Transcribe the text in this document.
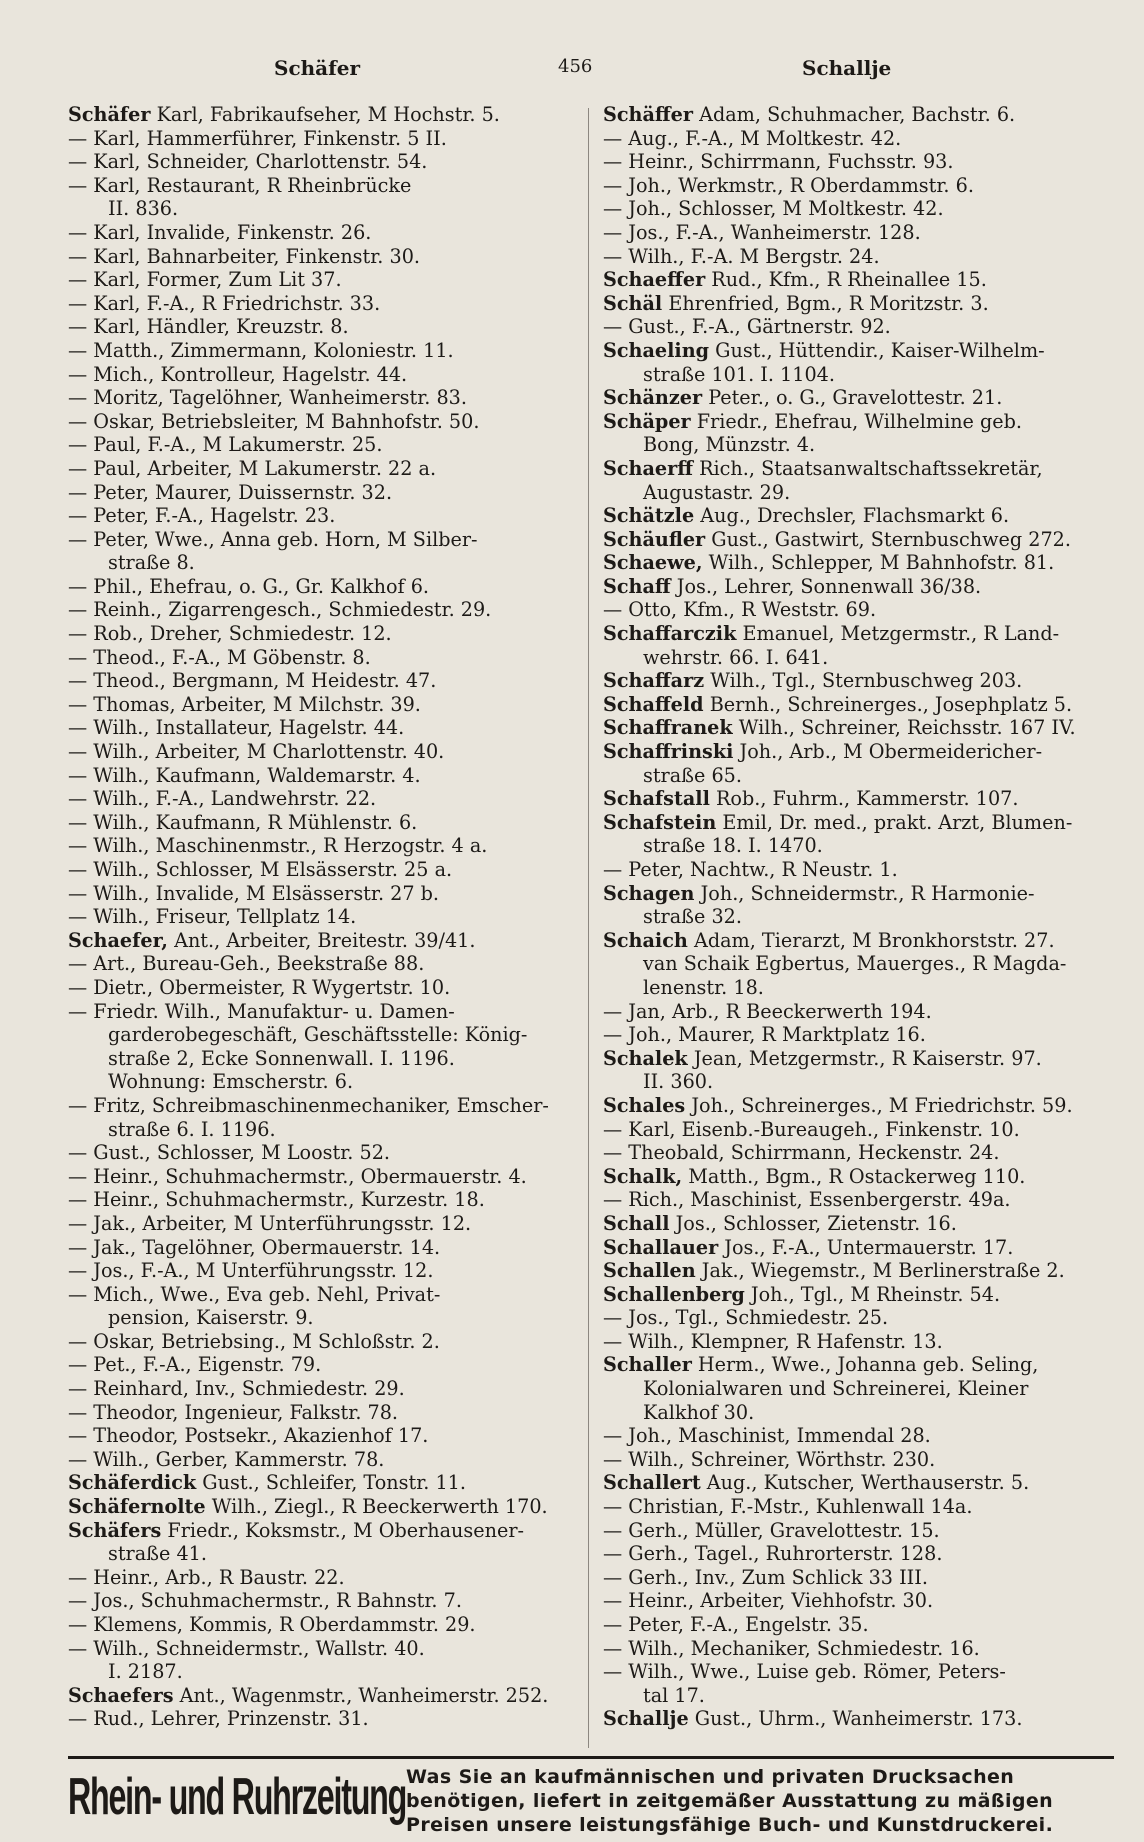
Schäfer	456	Schallje
Schäfer Karl, Fabrikaufseher, M Hochstr. 5.
— Karl, Hammerführer, Finkenstr. 5 II.
— Karl, Schneider, Charlottenstr. 54.
— Karl, Restaurant, R Rheinbrücke
II. 836.
— Karl, Invalide, Finkenstr. 26.
— Karl, Bahnarbeiter, Finkenstr. 30.
— Karl, Former, Zum Lit 37.
— Karl, F.-A., R Friedrichstr. 33.
— Karl, Händler, Kreuzstr. 8.
— Matth., Zimmermann, Koloniestr. 11.
— Mich., Kontrolleur, Hagelstr. 44.
— Moritz, Tagelöhner, Wanheimerstr. 83.
— Oskar, Betriebsleiter, M Bahnhofstr. 50.
— Paul, F.-A., M Lakumerstr. 25.
— Paul, Arbeiter, M Lakumerstr. 22 a.
— Peter, Maurer, Duissernstr. 32.
— Peter, F.-A., Hagelstr. 23.
— Peter, Wwe., Anna geb. Horn, M Silber-
straße 8.
— Phil., Ehefrau, o. G., Gr. Kalkhof 6.
— Reinh., Zigarrengesch., Schmiedestr. 29.
— Rob., Dreher, Schmiedestr. 12.
— Theod., F.-A., M Göbenstr. 8.
— Theod., Bergmann, M Heidestr. 47.
— Thomas, Arbeiter, M Milchstr. 39.
— Wilh., Installateur, Hagelstr. 44.
— Wilh., Arbeiter, M Charlottenstr. 40.
— Wilh., Kaufmann, Waldemarstr. 4.
— Wilh., F.-A., Landwehrstr. 22.
— Wilh., Kaufmann, R Mühlenstr. 6.
— Wilh., Maschinenmstr., R Herzogstr. 4 a.
— Wilh., Schlosser, M Elsässerstr. 25 a.
— Wilh., Invalide, M Elsässerstr. 27 b.
— Wilh., Friseur, Tellplatz 14.
Schaefer, Ant., Arbeiter, Breitestr. 39/41.
— Art., Bureau-Geh., Beekstraße 88.
— Dietr., Obermeister, R Wygertstr. 10.
— Friedr. Wilh., Manufaktur- u. Damen-
garderobegeschäft, Geschäftsstelle: König-
straße 2, Ecke Sonnenwall. I. 1196.
Wohnung: Emscherstr. 6.
— Fritz, Schreibmaschinenmechaniker, Emscher-
straße 6. I. 1196.
— Gust., Schlosser, M Loostr. 52.
— Heinr., Schuhmachermstr., Obermauerstr. 4.
— Heinr., Schuhmachermstr., Kurzestr. 18.
— Jak., Arbeiter, M Unterführungsstr. 12.
— Jak., Tagelöhner, Obermauerstr. 14.
— Jos., F.-A., M Unterführungsstr. 12.
— Mich., Wwe., Eva geb. Nehl, Privat-
pension, Kaiserstr. 9.
— Oskar, Betriebsing., M Schloßstr. 2.
— Pet., F.-A., Eigenstr. 79.
— Reinhard, Inv., Schmiedestr. 29.
— Theodor, Ingenieur, Falkstr. 78.
— Theodor, Postsekr., Akazienhof 17.
— Wilh., Gerber, Kammerstr. 78.
Schäferdick Gust., Schleifer, Tonstr. 11.
Schäfernolte Wilh., Ziegl., R Beeckerwerth 170.
Schäfers Friedr., Koksmstr., M Oberhausener-
straße 41.
— Heinr., Arb., R Baustr. 22.
— Jos., Schuhmachermstr., R Bahnstr. 7.
— Klemens, Kommis, R Oberdammstr. 29.
— Wilh., Schneidermstr., Wallstr. 40.
I. 2187.
Schaefers Ant., Wagenmstr., Wanheimerstr. 252.
— Rud., Lehrer, Prinzenstr. 31.
Schäffer Adam, Schuhmacher, Bachstr. 6.
— Aug., F.-A., M Moltkestr. 42.
— Heinr., Schirrmann, Fuchsstr. 93.
— Joh., Werkmstr., R Oberdammstr. 6.
— Joh., Schlosser, M Moltkestr. 42.
— Jos., F.-A., Wanheimerstr. 128.
— Wilh., F.-A. M Bergstr. 24.
Schaeffer Rud., Kfm., R Rheinallee 15.
Schäl Ehrenfried, Bgm., R Moritzstr. 3.
— Gust., F.-A., Gärtnerstr. 92.
Schaeling Gust., Hüttendir., Kaiser-Wilhelm-
straße 101. I. 1104.
Schänzer Peter., o. G., Gravelottestr. 21.
Schäper Friedr., Ehefrau, Wilhelmine geb.
Bong, Münzstr. 4.
Schaerff Rich., Staatsanwaltschaftssekretär,
Augustastr. 29.
Schätzle Aug., Drechsler, Flachsmarkt 6.
Schäufler Gust., Gastwirt, Sternbuschweg 272.
Schaewe, Wilh., Schlepper, M Bahnhofstr. 81.
Schaff Jos., Lehrer, Sonnenwall 36/38.
— Otto, Kfm., R Weststr. 69.
Schaffarczik Emanuel, Metzgermstr., R Land-
wehrstr. 66. I. 641.
Schaffarz Wilh., Tgl., Sternbuschweg 203.
Schaffeld Bernh., Schreinerges., Josephplatz 5.
Schaffranek Wilh., Schreiner, Reichsstr. 167 IV.
Schaffrinski Joh., Arb., M Obermeidericher-
straße 65.
Schafstall Rob., Fuhrm., Kammerstr. 107.
Schafstein Emil, Dr. med., prakt. Arzt, Blumen-
straße 18. I. 1470.
— Peter, Nachtw., R Neustr. 1.
Schagen Joh., Schneidermstr., R Harmonie-
straße 32.
Schaich Adam, Tierarzt, M Bronkhorststr. 27.
van Schaik Egbertus, Mauerges., R Magda-
lenenstr. 18.
— Jan, Arb., R Beeckerwerth 194.
— Joh., Maurer, R Marktplatz 16.
Schalek Jean, Metzgermstr., R Kaiserstr. 97.
II. 360.
Schales Joh., Schreinerges., M Friedrichstr. 59.
— Karl, Eisenb.-Bureaugeh., Finkenstr. 10.
— Theobald, Schirrmann, Heckenstr. 24.
Schalk, Matth., Bgm., R Ostackerweg 110.
— Rich., Maschinist, Essenbergerstr. 49a.
Schall Jos., Schlosser, Zietenstr. 16.
Schallauer Jos., F.-A., Untermauerstr. 17.
Schallen Jak., Wiegemstr., M Berlinerstraße 2.
Schallenberg Joh., Tgl., M Rheinstr. 54.
— Jos., Tgl., Schmiedestr. 25.
— Wilh., Klempner, R Hafenstr. 13.
Schaller Herm., Wwe., Johanna geb. Seling,
Kolonialwaren und Schreinerei, Kleiner
Kalkhof 30.
— Joh., Maschinist, Immendal 28.
— Wilh., Schreiner, Wörthstr. 230.
Schallert Aug., Kutscher, Werthauserstr. 5.
— Christian, F.-Mstr., Kuhlenwall 14a.
— Gerh., Müller, Gravelottestr. 15.
— Gerh., Tagel., Ruhrorterstr. 128.
— Gerh., Inv., Zum Schlick 33 III.
— Heinr., Arbeiter, Viehhofstr. 30.
— Peter, F.-A., Engelstr. 35.
— Wilh., Mechaniker, Schmiedestr. 16.
— Wilh., Wwe., Luise geb. Römer, Peters-
tal 17.
Schallje Gust., Uhrm., Wanheimerstr. 173.
Rhein- und Ruhrzeitung Was Sie an kaufmännischen und privaten Drucksachen
benötigen, liefert in zeitgemäßer Ausstattung zu mäßigen
Preisen unsere leistungsfähige Buch- und Kunstdruckerei.
